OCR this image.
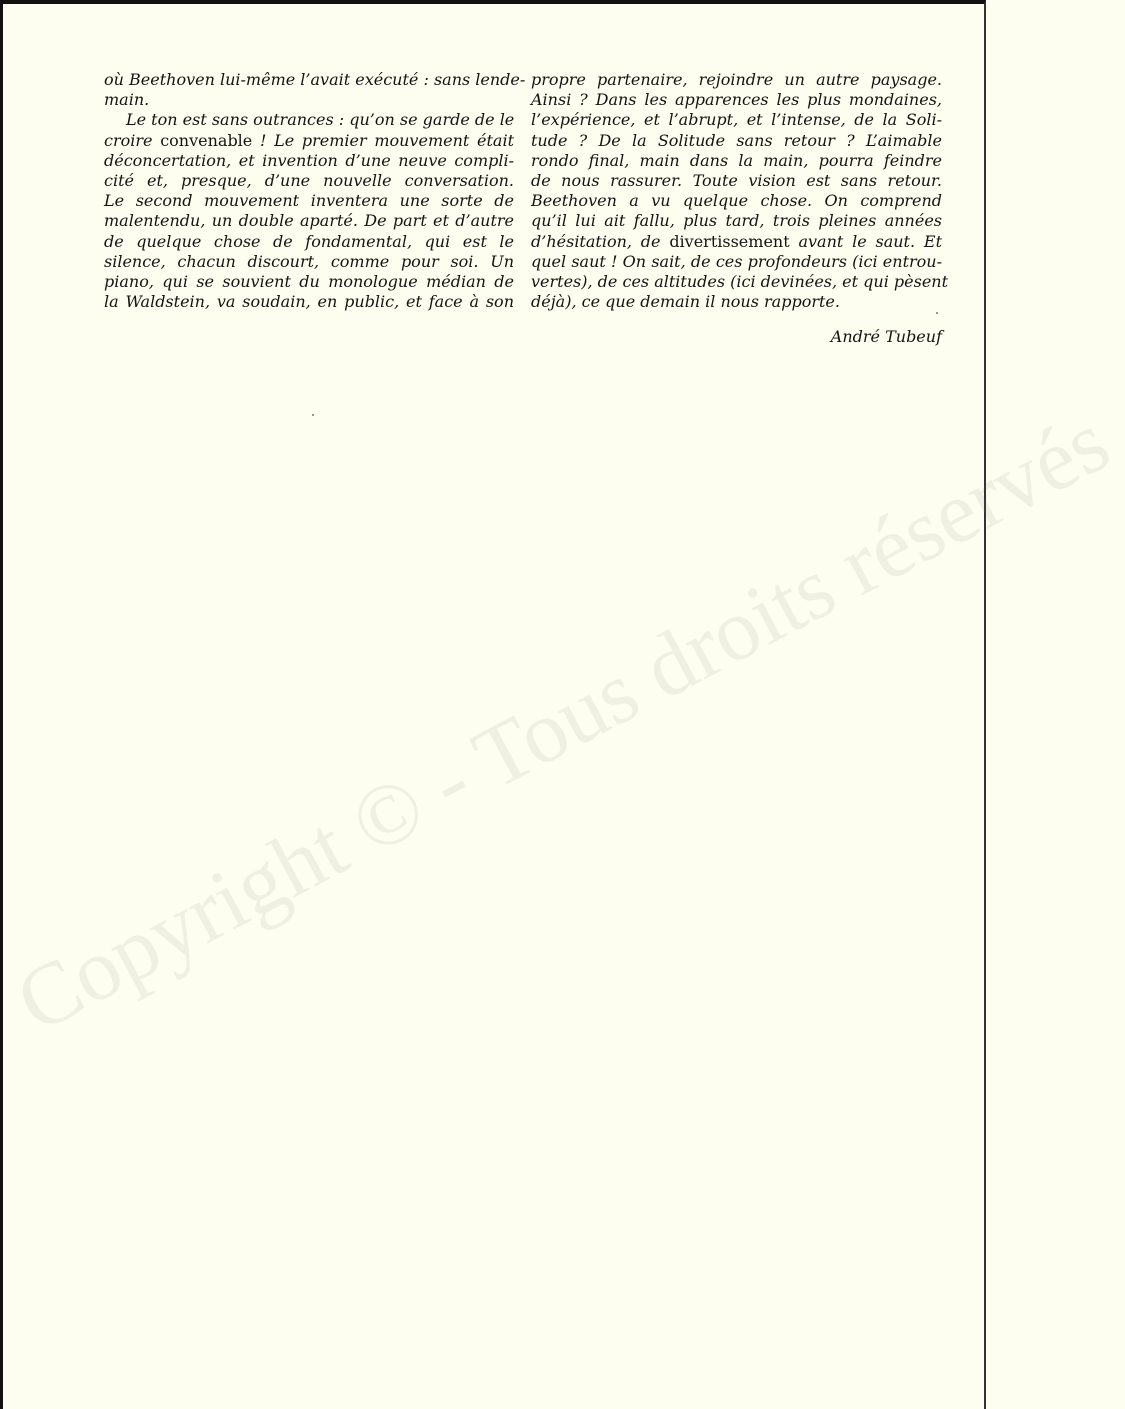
Copyright © - Tous droits réservés
où Beethoven lui-même l’avait exécuté : sans lende-
main.
Le ton est sans outrances : qu’on se garde de le
croire convenable ! Le premier mouvement était
déconcertation, et invention d’une neuve compli-
cité et, presque, d’une nouvelle conversation.
Le second mouvement inventera une sorte de
malentendu, un double aparté. De part et d’autre
de quelque chose de fondamental, qui est le
silence, chacun discourt, comme pour soi. Un
piano, qui se souvient du monologue médian de
la Waldstein, va soudain, en public, et face à son
propre partenaire, rejoindre un autre paysage.
Ainsi ? Dans les apparences les plus mondaines,
l’expérience, et l’abrupt, et l’intense, de la Soli-
tude ? De la Solitude sans retour ? L’aimable
rondo final, main dans la main, pourra feindre
de nous rassurer. Toute vision est sans retour.
Beethoven a vu quelque chose. On comprend
qu’il lui ait fallu, plus tard, trois pleines années
d’hésitation, de divertissement avant le saut. Et
quel saut ! On sait, de ces profondeurs (ici entrou-
vertes), de ces altitudes (ici devinées, et qui pèsent
déjà), ce que demain il nous rapporte.
André Tubeuf
